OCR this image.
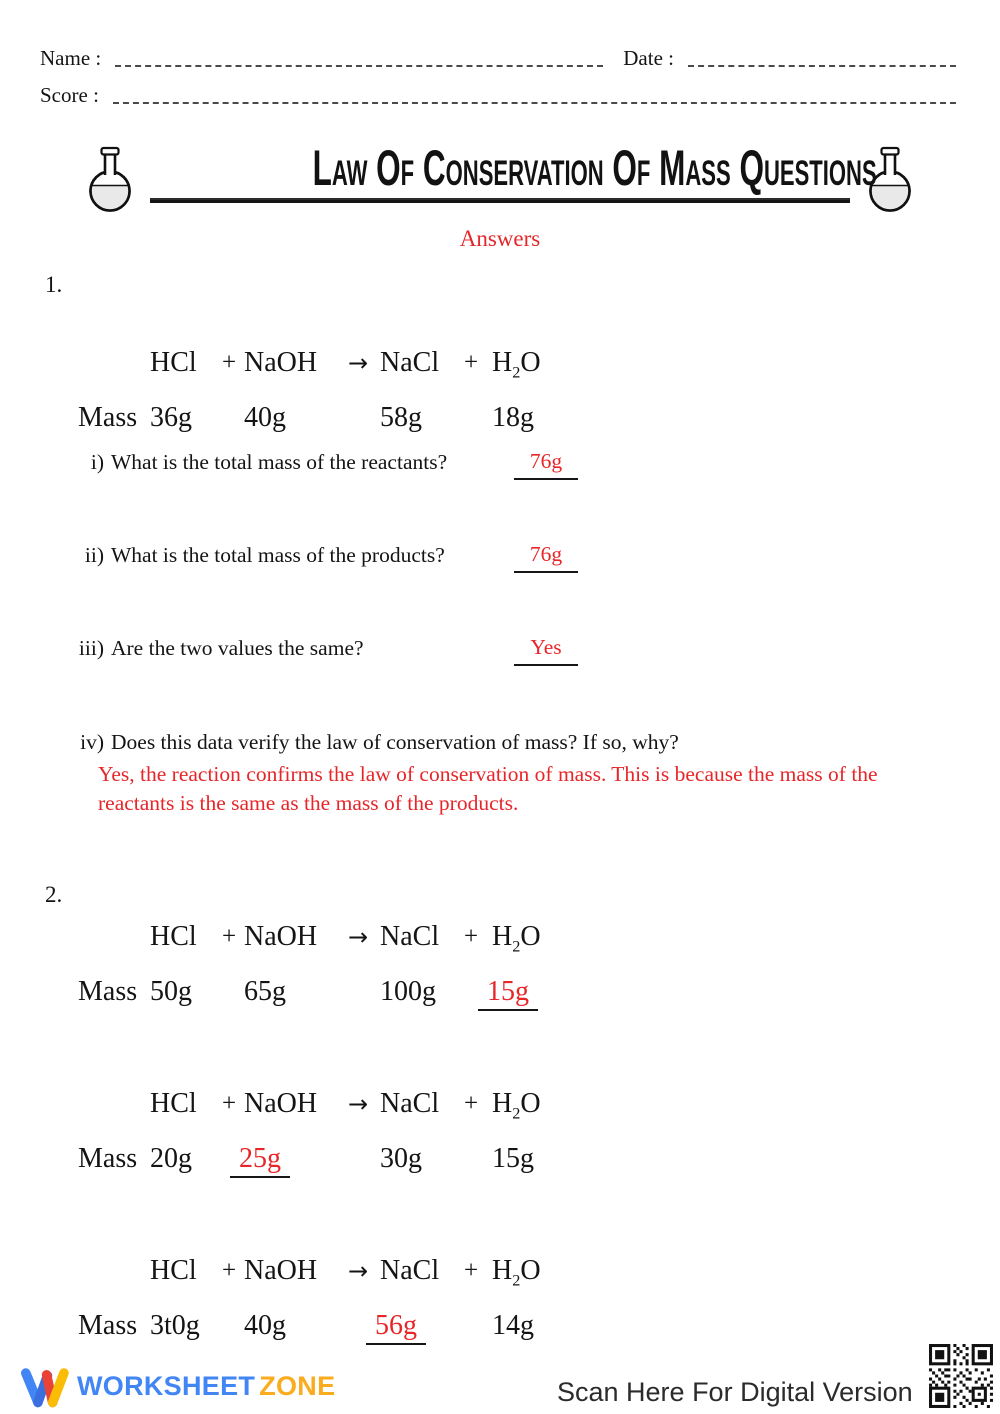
Name :	Date :
Score :
Law Of Conservation Of Mass Questions
Answers
1.
HCl	+ NaOH	→ NaCl + $H_2O$
Mass 36g	40g	58g	18g
i) What is the total mass of the reactants?	76g
ii) What is the total mass of the products?	76g
iii) Are the two values the same?	Yes
iv) Does this data verify the law of conservation of mass? If so, why?
Yes, the reaction confirms the law of conservation of mass. This is because the mass of the reactants is the same as the mass of the products.
2.
HCl	+ NaOH	→ NaCl + $H_2O$
Mass 50g	65g	100g	15g
HCl	+ NaOH	→ NaCl + $H_2O$
Mass 20g	25g	30g	15g
HCl	+ NaOH	→ NaCl + $H_2O$
Mass 3t0g	40g	56g	14g
WORKSHEET ZONE	Scan Here For Digital Version
